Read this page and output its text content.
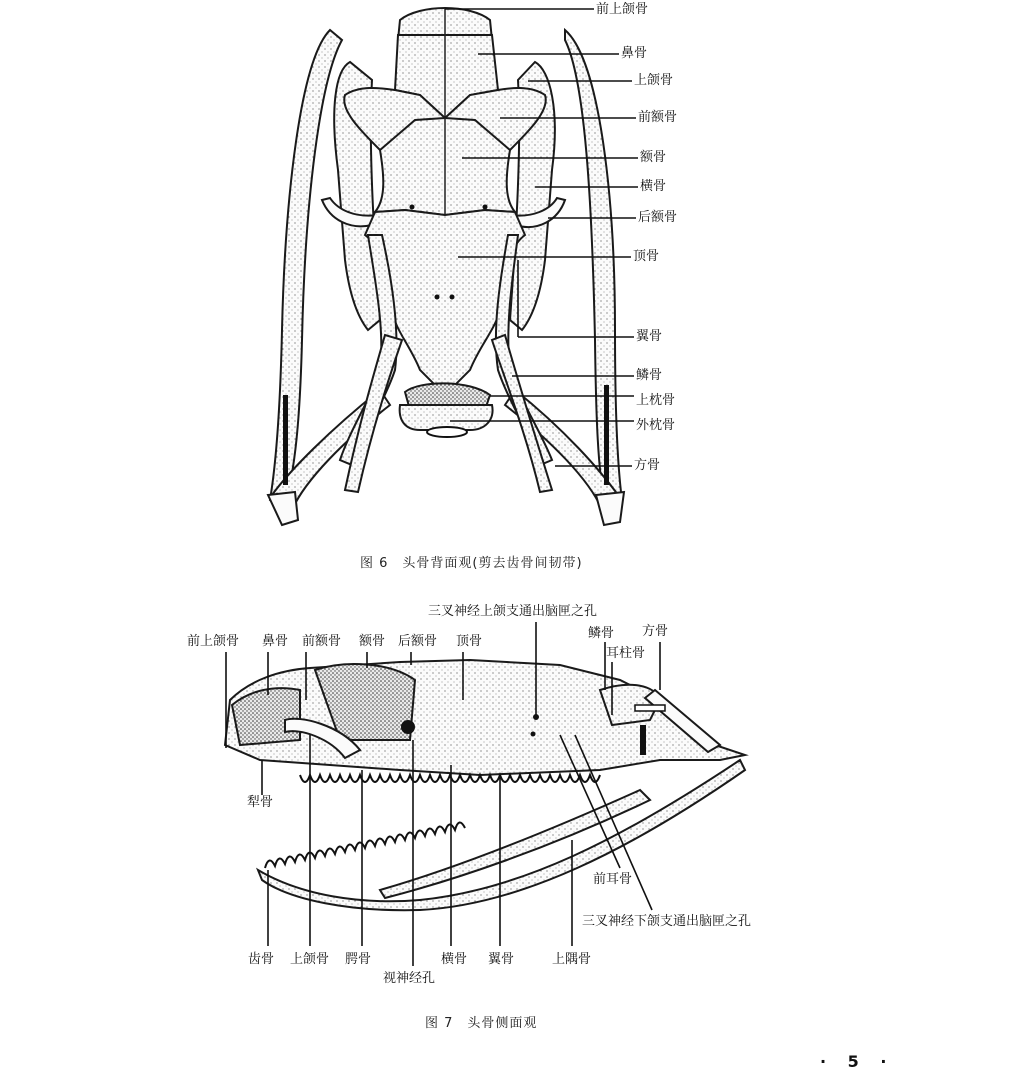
前上颌骨
鼻骨
上颌骨
前额骨
额骨
横骨
后额骨
顶骨
翼骨
鳞骨
上枕骨
外枕骨
方骨
图 6　头骨背面观(剪去齿骨间韧带)
三叉神经上颌支通出脑匣之孔
前上颌骨 鼻骨 前额骨 额骨 后额骨 顶骨
鳞骨 方骨
耳柱骨
犁骨
前耳骨
三叉神经下颌支通出脑匣之孔
齿骨 上颌骨 腭骨
视神经孔
横骨 翼骨	上隅骨
图 7　头骨侧面观
· 5 ·
